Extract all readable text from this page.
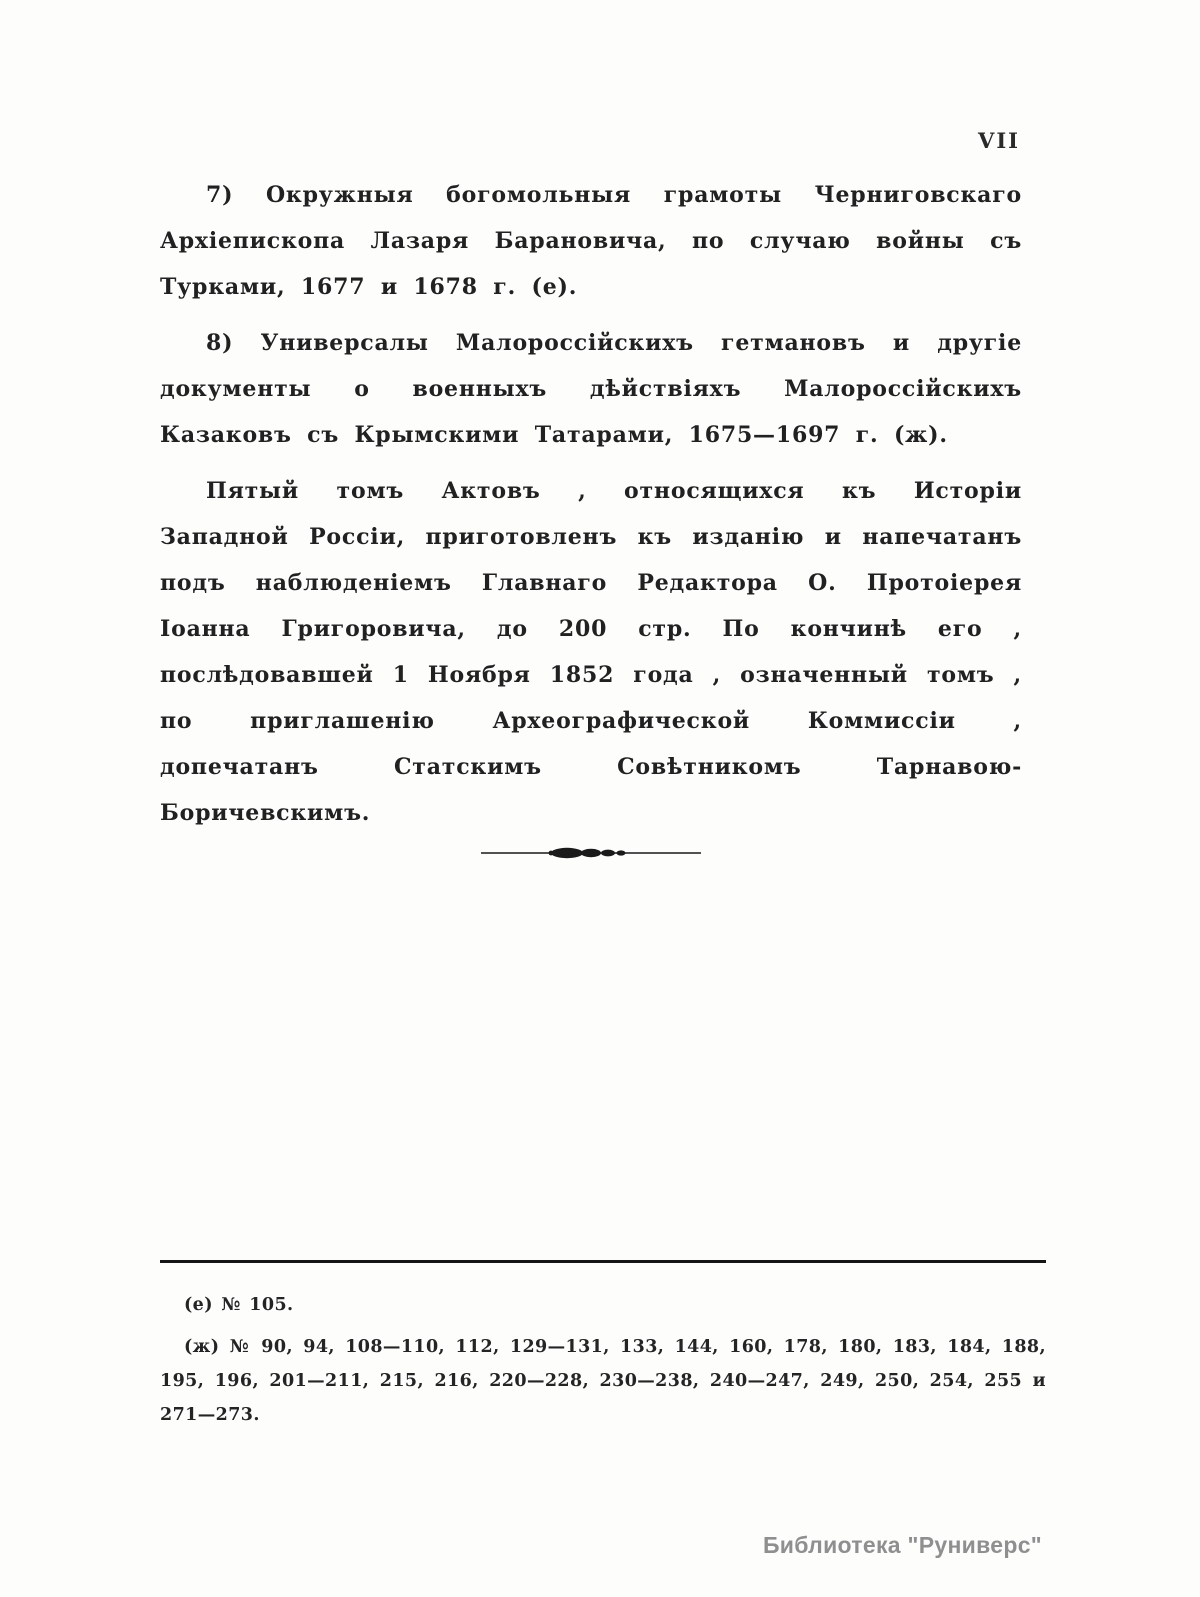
VII

7) Окружныя богомольныя грамоты Черниговскаго Архіепископа Лазаря Барановича, по случаю войны съ Турками, 1677 и 1678 г. (е).

8) Универсалы Малороссійскихъ гетмановъ и другіе документы о военныхъ дѣйствіяхъ Малороссійскихъ Казаковъ съ Крымскими Татарами, 1675—1697 г. (ж).

Пятый томъ Актовъ , относящихся къ Исторіи Западной Россіи, приготовленъ къ изданію и напечатанъ подъ наблюденіемъ Главнаго Редактора О. Протоіерея Іоанна Григоровича, до 200 стр. По кончинѣ его , послѣдовавшей 1 Ноября 1852 года , означенный томъ , по приглашенію Археографической Коммиссіи , допечатанъ Статскимъ Совѣтникомъ Тарнавою-Боричевскимъ.

(е) № 105.

(ж) № 90, 94, 108—110, 112, 129—131, 133, 144, 160, 178, 180, 183, 184, 188, 195, 196, 201—211, 215, 216, 220—228, 230—238, 240—247, 249, 250, 254, 255 и 271—273.

Библиотека "Руниверс"
